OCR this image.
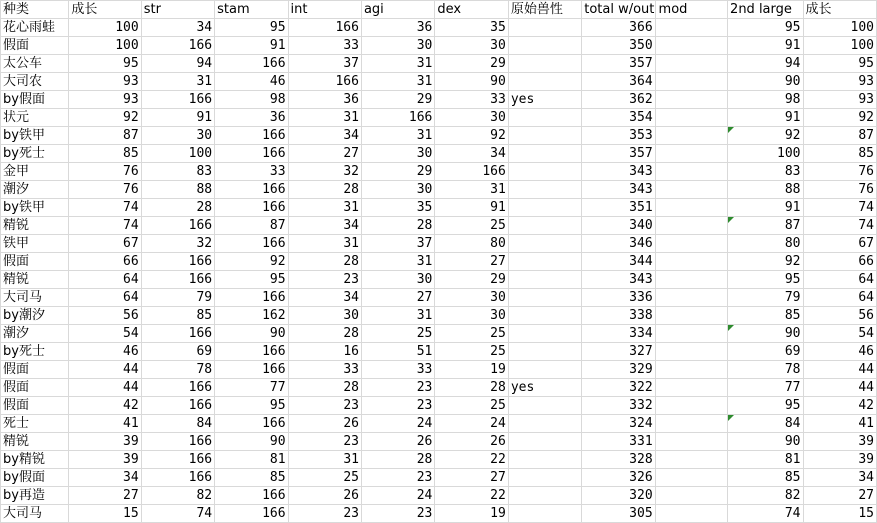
种类	成长	str	stam	int	agi	dex	原始兽性	total w/out mod		2nd large	成长
花心雨蛙	100	34	95	166	36	35		366		95	100
假面	100	166	91	33	30	30		350		91	100
太公车	95	94	166	37	31	29		357		94	95
大司农	93	31	46	166	31	90		364		90	93
by假面	93	166	98	36	29	33	yes	362		98	93
状元	92	91	36	31	166	30		354		91	92
by铁甲	87	30	166	34	31	92		353		92	87
by死士	85	100	166	27	30	34		357		100	85
金甲	76	83	33	32	29	166		343		83	76
潮汐	76	88	166	28	30	31		343		88	76
by铁甲	74	28	166	31	35	91		351		91	74
精锐	74	166	87	34	28	25		340		87	74
铁甲	67	32	166	31	37	80		346		80	67
假面	66	166	92	28	31	27		344		92	66
精锐	64	166	95	23	30	29		343		95	64
大司马	64	79	166	34	27	30		336		79	64
by潮汐	56	85	162	30	31	30		338		85	56
潮汐	54	166	90	28	25	25		334		90	54
by死士	46	69	166	16	51	25		327		69	46
假面	44	78	166	33	33	19		329		78	44
假面	44	166	77	28	23	28	yes	322		77	44
假面	42	166	95	23	23	25		332		95	42
死士	41	84	166	26	24	24		324		84	41
精锐	39	166	90	23	26	26		331		90	39
by精锐	39	166	81	31	28	22		328		81	39
by假面	34	166	85	25	23	27		326		85	34
by再造	27	82	166	26	24	22		320		82	27
大司马	15	74	166	23	23	19		305		74	15
